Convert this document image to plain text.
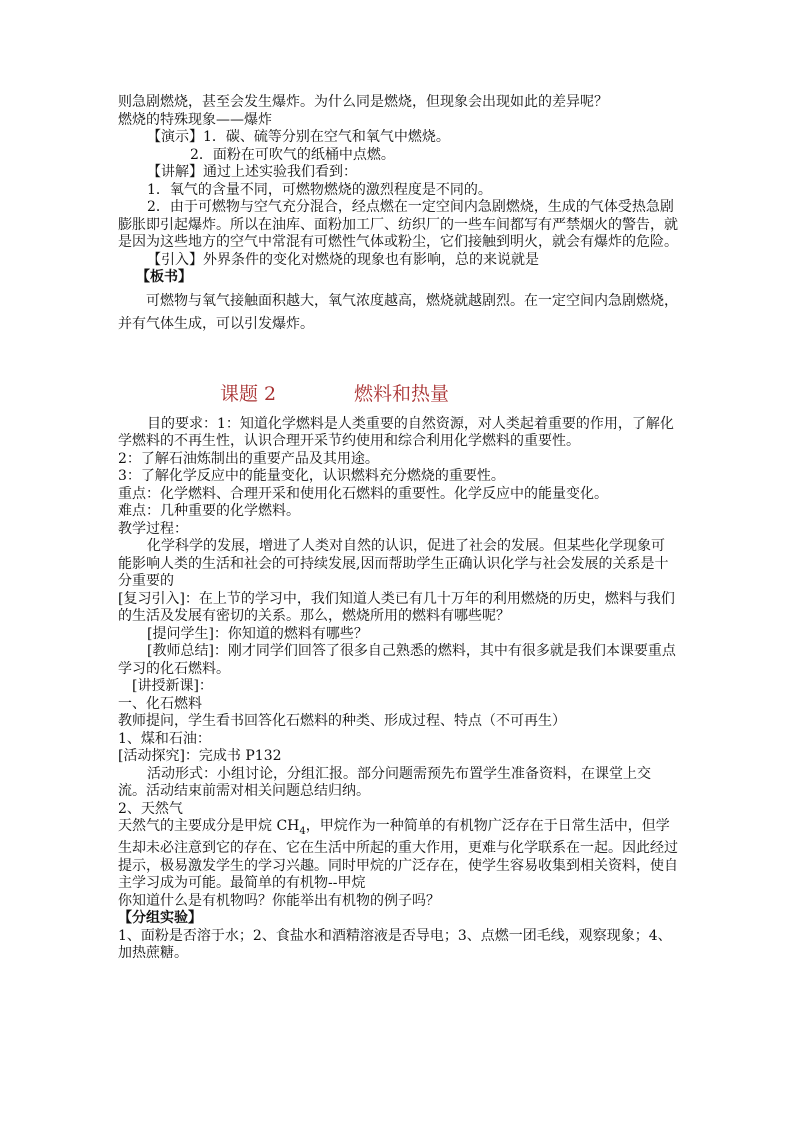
则急剧燃烧，甚至会发生爆炸。为什么同是燃烧，但现象会出现如此的差异呢？
燃烧的特殊现象——爆炸
【演示】1．碳、硫等分别在空气和氧气中燃烧。
2．面粉在可吹气的纸桶中点燃。
【讲解】通过上述实验我们看到：
1．氧气的含量不同，可燃物燃烧的激烈程度是不同的。
2．由于可燃物与空气充分混合，经点燃在一定空间内急剧燃烧，生成的气体受热急剧膨胀即引起爆炸。所以在油库、面粉加工厂、纺织厂的一些车间都写有严禁烟火的警告，就是因为这些地方的空气中常混有可燃性气体或粉尘，它们接触到明火，就会有爆炸的危险。
【引入】外界条件的变化对燃烧的现象也有影响，总的来说就是
【板书】
可燃物与氧气接触面积越大，氧气浓度越高，燃烧就越剧烈。在一定空间内急剧燃烧，
并有气体生成，可以引发爆炸。
课题 2	燃料和热量
目的要求：1：知道化学燃料是人类重要的自然资源，对人类起着重要的作用，了解化学燃料的不再生性，认识合理开采节约使用和综合利用化学燃料的重要性。
2：了解石油炼制出的重要产品及其用途。
3：了解化学反应中的能量变化，认识燃料充分燃烧的重要性。
重点：化学燃料、合理开采和使用化石燃料的重要性。化学反应中的能量变化。
难点：几种重要的化学燃料。
教学过程：
化学科学的发展，增进了人类对自然的认识，促进了社会的发展。但某些化学现象可能影响人类的生活和社会的可持续发展,因而帮助学生正确认识化学与社会发展的关系是十分重要的
[复习引入]：在上节的学习中，我们知道人类已有几十万年的利用燃烧的历史，燃料与我们的生活及发展有密切的关系。那么，燃烧所用的燃料有哪些呢？
[提问学生]：你知道的燃料有哪些？
[教师总结]：刚才同学们回答了很多自己熟悉的燃料，其中有很多就是我们本课要重点学习的化石燃料。
[讲授新课]：
一、化石燃料
教师提问，学生看书回答化石燃料的种类、形成过程、特点（不可再生）
1、煤和石油：
[活动探究]：完成书 P132
活动形式：小组讨论，分组汇报。部分问题需预先布置学生准备资料，在课堂上交流。活动结束前需对相关问题总结归纳。
2、天然气
天然气的主要成分是甲烷 $CH_4$，甲烷作为一种简单的有机物广泛存在于日常生活中，但学生却未必注意到它的存在、它在生活中所起的重大作用，更难与化学联系在一起。因此经过提示，极易激发学生的学习兴趣。同时甲烷的广泛存在，使学生容易收集到相关资料，使自主学习成为可能。最简单的有机物--甲烷
你知道什么是有机物吗？你能举出有机物的例子吗？
【分组实验】
1、面粉是否溶于水；2、食盐水和酒精溶液是否导电；3、点燃一团毛线，观察现象；4、加热蔗糖。
